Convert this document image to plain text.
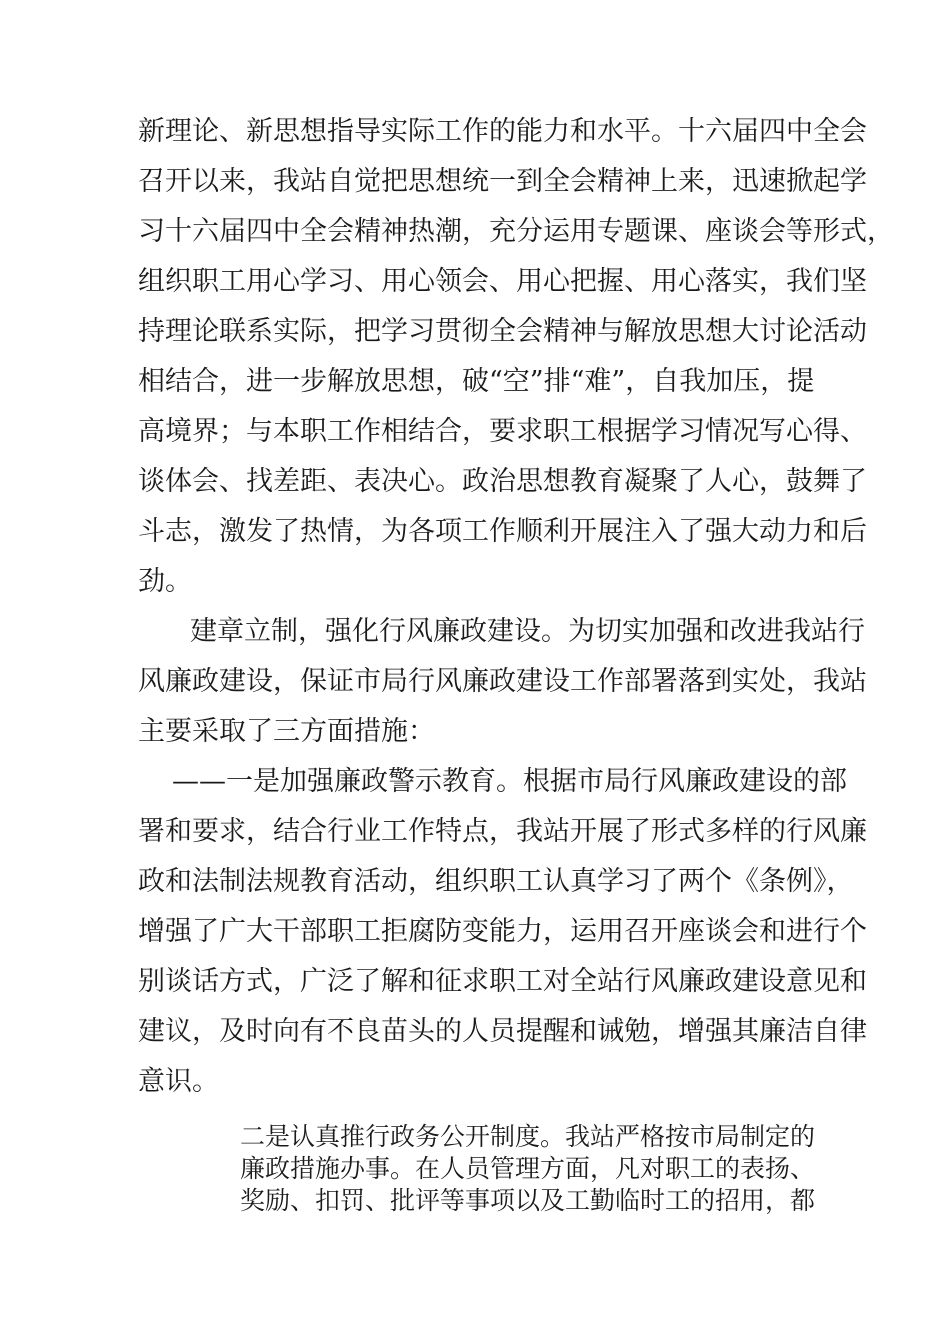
新理论、新思想指导实际工作的能力和水平。十六届四中全会
召开以来，我站自觉把思想统一到全会精神上来，迅速掀起学
习十六届四中全会精神热潮，充分运用专题课、座谈会等形式，
组织职工用心学习、用心领会、用心把握、用心落实，我们坚
持理论联系实际，把学习贯彻全会精神与解放思想大讨论活动
相结合，进一步解放思想，破“空”排“难”，自我加压，提
高境界；与本职工作相结合，要求职工根据学习情况写心得、
谈体会、找差距、表决心。政治思想教育凝聚了人心，鼓舞了
斗志，激发了热情，为各项工作顺利开展注入了强大动力和后
劲。
建章立制，强化行风廉政建设。为切实加强和改进我站行
风廉政建设，保证市局行风廉政建设工作部署落到实处，我站
主要采取了三方面措施：
——一是加强廉政警示教育。根据市局行风廉政建设的部
署和要求，结合行业工作特点，我站开展了形式多样的行风廉
政和法制法规教育活动，组织职工认真学习了两个《条例》，
增强了广大干部职工拒腐防变能力，运用召开座谈会和进行个
别谈话方式，广泛了解和征求职工对全站行风廉政建设意见和
建议，及时向有不良苗头的人员提醒和诫勉，增强其廉洁自律
意识。
二是认真推行政务公开制度。我站严格按市局制定的
廉政措施办事。在人员管理方面，凡对职工的表扬、
奖励、扣罚、批评等事项以及工勤临时工的招用，都
